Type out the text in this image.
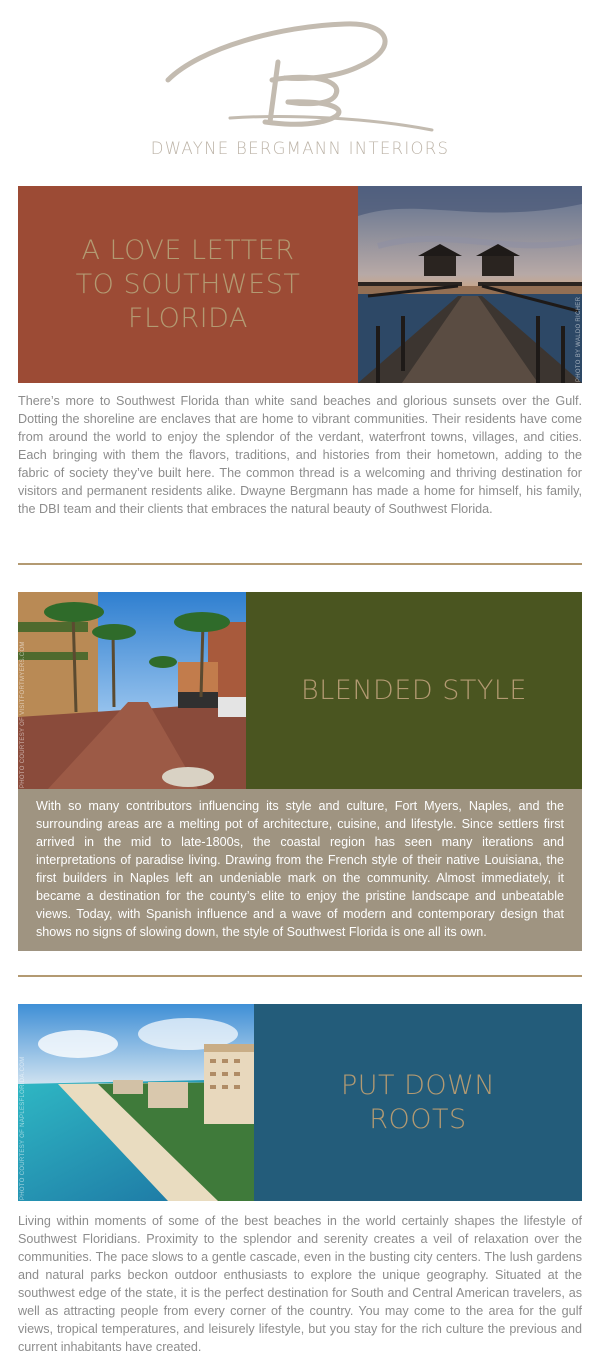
DWAYNE BERGMANN INTERIORS
A LOVE LETTER
TO SOUTHWEST
FLORIDA	PHOTO BY WALDO RICHER
There’s more to Southwest Florida than white sand beaches and glorious sunsets over the Gulf. Dotting the shoreline are enclaves that are home to vibrant communities. Their residents have come from around the world to enjoy the splendor of the verdant, waterfront towns, villages, and cities. Each bringing with them the flavors, traditions, and histories from their hometown, adding to the fabric of society they’ve built here. The common thread is a welcoming and thriving destination for visitors and permanent residents alike. Dwayne Bergmann has made a home for himself, his family, the DBI team and their clients that embraces the natural beauty of Southwest Florida.
PHOTO COURTESY OF VISITFORTMYERS.COM	BLENDED STYLE
With so many contributors influencing its style and culture, Fort Myers, Naples, and the surrounding areas are a melting pot of architecture, cuisine, and lifestyle. Since settlers first arrived in the mid to late-1800s, the coastal region has seen many iterations and interpretations of paradise living. Drawing from the French style of their native Louisiana, the first builders in Naples left an undeniable mark on the community. Almost immediately, it became a destination for the county’s elite to enjoy the pristine landscape and unbeatable views. Today, with Spanish influence and a wave of modern and contemporary design that shows no signs of slowing down, the style of Southwest Florida is one all its own.
PHOTO COURTESY OF NAPLESFLORIDA.COM	PUT DOWN
ROOTS
Living within moments of some of the best beaches in the world certainly shapes the lifestyle of Southwest Floridians. Proximity to the splendor and serenity creates a veil of relaxation over the communities. The pace slows to a gentle cascade, even in the busting city centers. The lush gardens and natural parks beckon outdoor enthusiasts to explore the unique geography. Situated at the southwest edge of the state, it is the perfect destination for South and Central American travelers, as well as attracting people from every corner of the country. You may come to the area for the gulf views, tropical temperatures, and leisurely lifestyle, but you stay for the rich culture the previous and current inhabitants have created.
